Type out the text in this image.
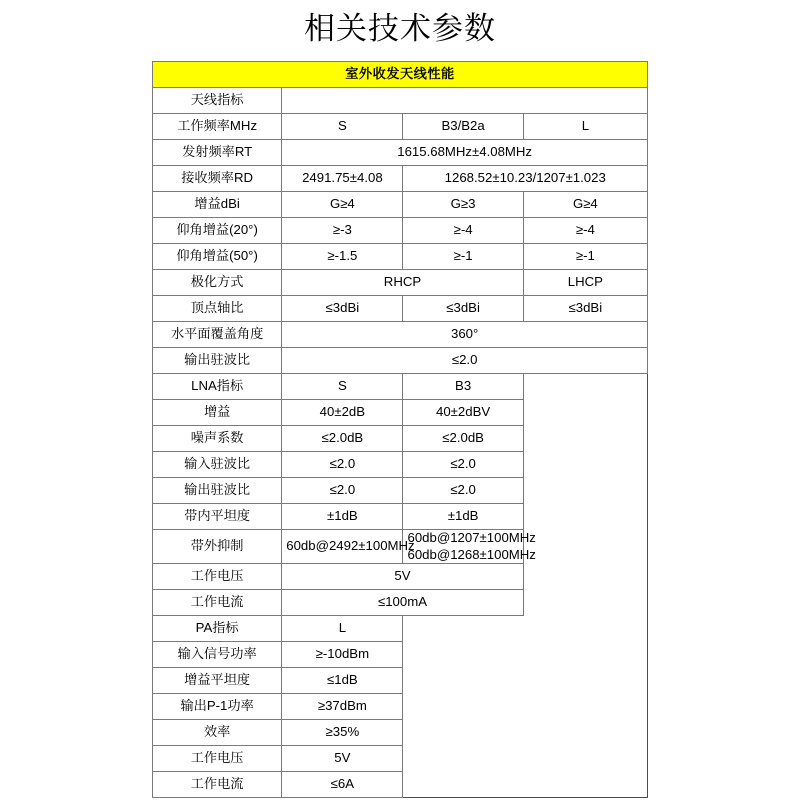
相关技术参数
室外收发天线性能			
天线指标			
工作频率MHz	S	B3/B2a	L
发射频率RT	1615.68MHz±4.08MHz		
接收频率RD	2491.75±4.08	1268.52±10.23/1207±1.023	
增益dBi	G≥4	G≥3	G≥4
仰角增益(20°)	≥-3	≥-4	≥-4
仰角增益(50°)	≥-1.5	≥-1	≥-1
极化方式	RHCP		LHCP
顶点轴比	≤3dBi	≤3dBi	≤3dBi
水平面覆盖角度	360°		
输出驻波比	≤2.0		
LNA指标	S	B3	
增益	40±2dB	40±2dBV	
噪声系数	≤2.0dB	≤2.0dB	
输入驻波比	≤2.0	≤2.0	
输出驻波比	≤2.0	≤2.0	
带内平坦度	±1dB	±1dB	
带外抑制	60db@2492±100MHz	60db@1207±100MHz
60db@1268±100MHz	

工作电压	5V		
工作电流	≤100mA		
PA指标	L		
输入信号功率	≥-10dBm		
增益平坦度	≤1dB		
输出P-1功率	≥37dBm		
效率	≥35%		
工作电压	5V		
工作电流	≤6A		
